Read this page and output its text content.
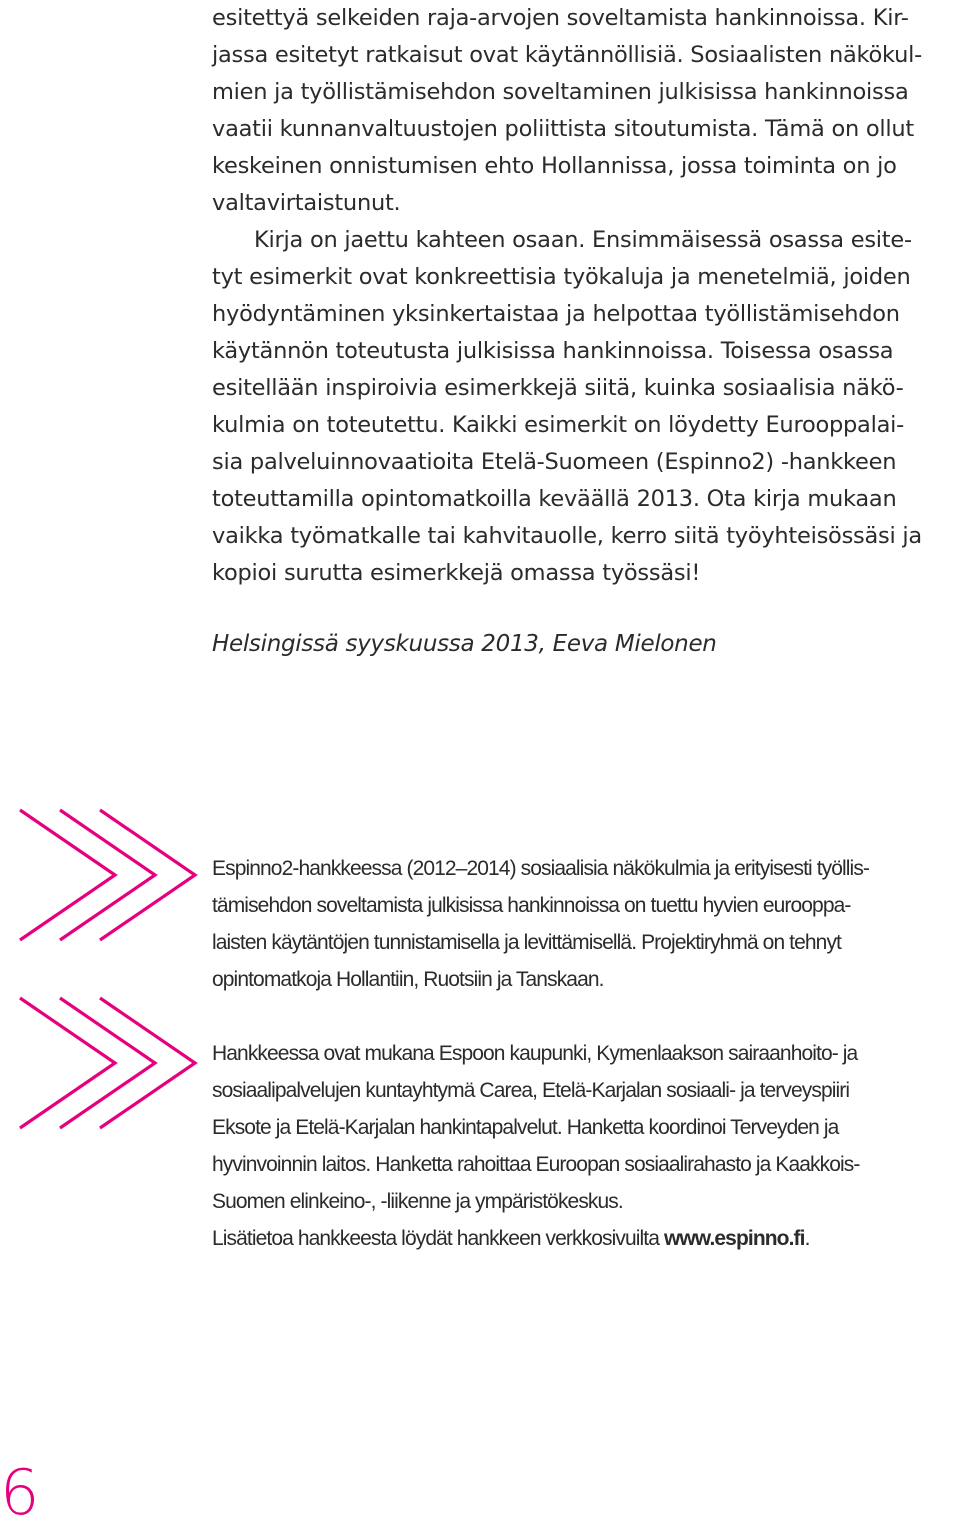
esitettyä selkeiden raja-arvojen soveltamista hankinnoissa. Kir-
jassa esitetyt ratkaisut ovat käytännöllisiä. Sosiaalisten näkökul-
mien ja työllistämisehdon soveltaminen julkisissa hankinnoissa
vaatii kunnanvaltuustojen poliittista sitoutumista. Tämä on ollut
keskeinen onnistumisen ehto Hollannissa, jossa toiminta on jo
valtavirtaistunut.
Kirja on jaettu kahteen osaan. Ensimmäisessä osassa esite-
tyt esimerkit ovat konkreettisia työkaluja ja menetelmiä, joiden
hyödyntäminen yksinkertaistaa ja helpottaa työllistämisehdon
käytännön toteutusta julkisissa hankinnoissa. Toisessa osassa
esitellään inspiroivia esimerkkejä siitä, kuinka sosiaalisia näkö-
kulmia on toteutettu. Kaikki esimerkit on löydetty Eurooppalai-
sia palveluinnovaatioita Etelä-Suomeen (Espinno2) -hankkeen
toteuttamilla opintomatkoilla keväällä 2013. Ota kirja mukaan
vaikka työmatkalle tai kahvitauolle, kerro siitä työyhteisössäsi ja
kopioi surutta esimerkkejä omassa työssäsi!
Helsingissä syyskuussa 2013, Eeva Mielonen
Espinno2-hankkeessa (2012–2014) sosiaalisia näkökulmia ja erityisesti työllis-
tämisehdon soveltamista julkisissa hankinnoissa on tuettu hyvien eurooppa-
laisten käytäntöjen tunnistamisella ja levittämisellä. Projektiryhmä on tehnyt
opintomatkoja Hollantiin, Ruotsiin ja Tanskaan.
Hankkeessa ovat mukana Espoon kaupunki, Kymenlaakson sairaanhoito- ja
sosiaalipalvelujen kuntayhtymä Carea, Etelä-Karjalan sosiaali- ja terveyspiiri
Eksote ja Etelä-Karjalan hankintapalvelut. Hanketta koordinoi Terveyden ja
hyvinvoinnin laitos. Hanketta rahoittaa Euroopan sosiaalirahasto ja Kaakkois-
Suomen elinkeino-, -liikenne ja ympäristökeskus.
Lisätietoa hankkeesta löydät hankkeen verkkosivuilta www.espinno.fi.
6
